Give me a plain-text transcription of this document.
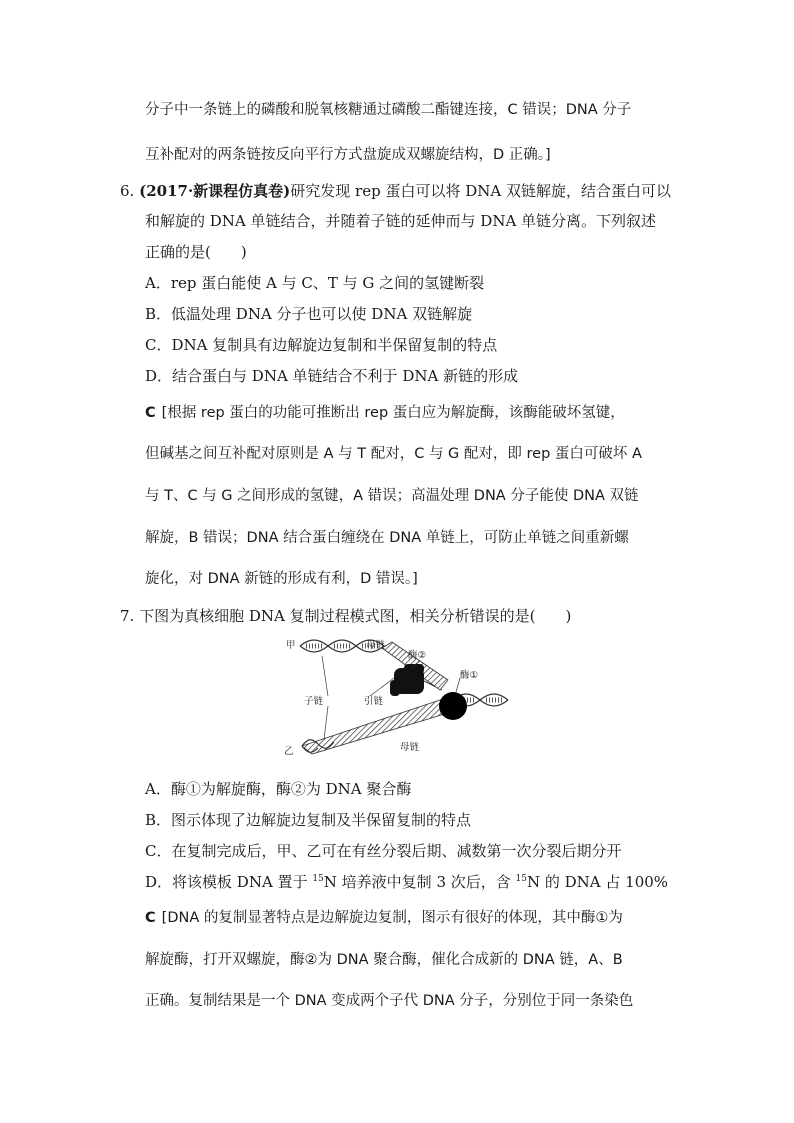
分子中一条链上的磷酸和脱氧核糖通过磷酸二酯键连接，C 错误；DNA 分子
互补配对的两条链按反向平行方式盘旋成双螺旋结构，D 正确。]
6. (2017·新课程仿真卷)研究发现 rep 蛋白可以将 DNA 双链解旋，结合蛋白可以
和解旋的 DNA 单链结合，并随着子链的延伸而与 DNA 单链分离。下列叙述
正确的是(　　)
A．rep 蛋白能使 A 与 C、T 与 G 之间的氢键断裂
B．低温处理 DNA 分子也可以使 DNA 双链解旋
C．DNA 复制具有边解旋边复制和半保留复制的特点
D．结合蛋白与 DNA 单链结合不利于 DNA 新链的形成
C [根据 rep 蛋白的功能可推断出 rep 蛋白应为解旋酶，该酶能破坏氢键，
但碱基之间互补配对原则是 A 与 T 配对，C 与 G 配对，即 rep 蛋白可破坏 A
与 T、C 与 G 之间形成的氢键，A 错误；高温处理 DNA 分子能使 DNA 双链
解旋，B 错误；DNA 结合蛋白缠绕在 DNA 单链上，可防止单链之间重新螺
旋化，对 DNA 新链的形成有利，D 错误。]
7. 下图为真核细胞 DNA 复制过程模式图，相关分析错误的是(　　)
甲
乙
母链
酶②
酶①
子链	引链
母链
A．酶①为解旋酶，酶②为 DNA 聚合酶
B．图示体现了边解旋边复制及半保留复制的特点
C．在复制完成后，甲、乙可在有丝分裂后期、减数第一次分裂后期分开
D．将该模板 DNA 置于 $^{15}$N 培养液中复制 3 次后，含 $^{15}$N 的 DNA 占 100%
C [DNA 的复制显著特点是边解旋边复制，图示有很好的体现，其中酶①为
解旋酶，打开双螺旋，酶②为 DNA 聚合酶，催化合成新的 DNA 链，A、B
正确。复制结果是一个 DNA 变成两个子代 DNA 分子，分别位于同一条染色
